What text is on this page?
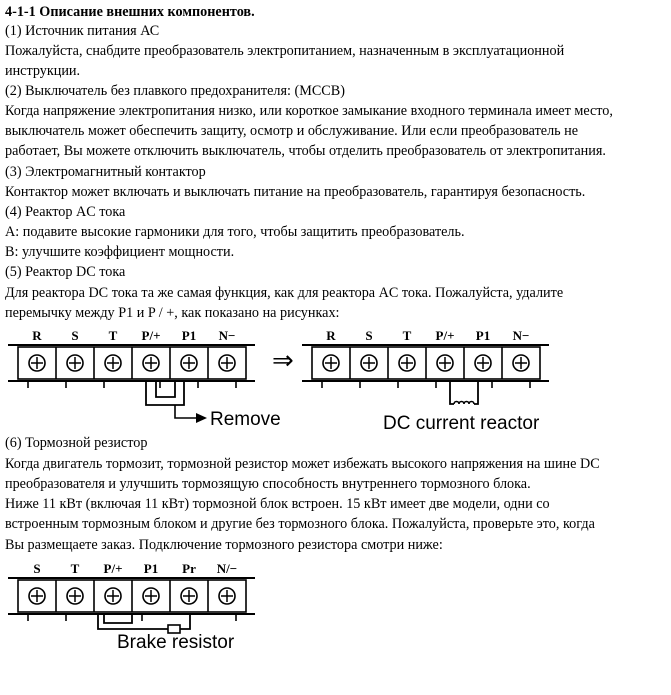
4-1-1 Описание внешних компонентов.
(1) Источник питания АС
Пожалуйста, снабдите преобразователь электропитанием, назначенным в эксплуатационной
инструкции.
(2) Выключатель без плавкого предохранителя: (MCCB)
Когда напряжение электропитания низко, или короткое замыкание входного терминала имеет место,
выключатель может обеспечить защиту, осмотр и обслуживание. Или если преобразователь не
работает, Вы можете отключить выключатель, чтобы отделить преобразователь от электропитания.
(3) Электромагнитный контактор
Контактор может включать и выключать питание на преобразователь, гарантируя безопасность.
(4) Реактор AC тока
A: подавите высокие гармоники для того, чтобы защитить преобразователь.
B: улучшите коэффициент мощности.
(5) Реактор DC тока
Для реактора DC тока та же самая функция, как для реактора AC тока. Пожалуйста, удалите
перемычку между P1 и P / +, как показано на рисунках:
R S T P/+ P1 N−
Remove
⇒
R S T P/+ P1 N−
DC current reactor
(6) Тормозной резистор
Когда двигатель тормозит, тормозной резистор может избежать высокого напряжения на шине DC
преобразователя и улучшить тормозящую способность внутреннего тормозного блока.
Ниже 11 кВт (включая 11 кВт) тормозной блок встроен. 15 кВт имеет две модели, одни со
встроенным тормозным блоком и другие без тормозного блока. Пожалуйста, проверьте это, когда
Вы размещаете заказ. Подключение тормозного резистора смотри ниже:
S T P/+ P1 Pr N/−
Brake resistor
